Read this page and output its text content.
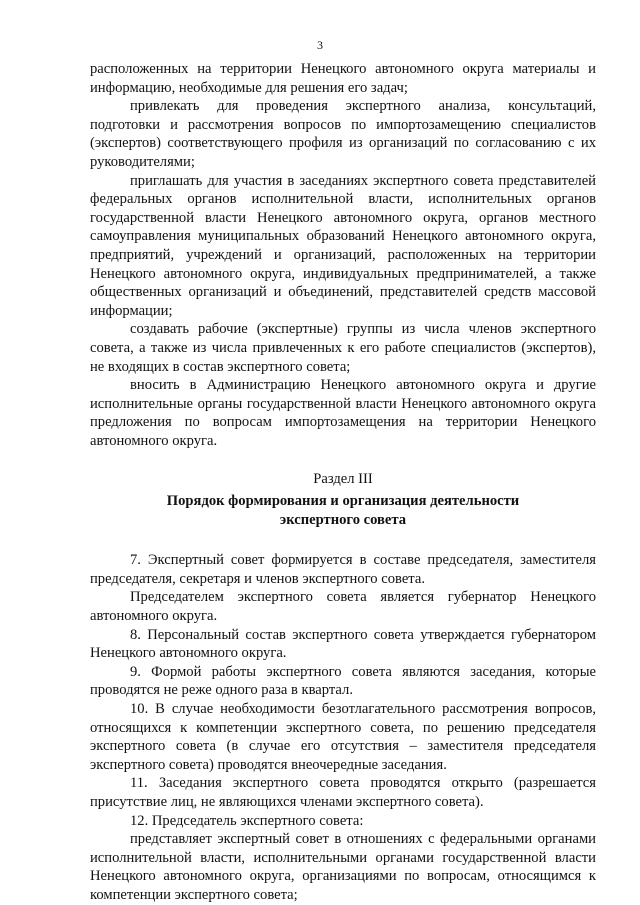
3

расположенных на территории Ненецкого автономного округа материалы и информацию, необходимые для решения его задач;

привлекать для проведения экспертного анализа, консультаций, подготовки и рассмотрения вопросов по импортозамещению специалистов (экспертов) соответствующего профиля из организаций по согласованию с их руководителями;

приглашать для участия в заседаниях экспертного совета представителей федеральных органов исполнительной власти, исполнительных органов государственной власти Ненецкого автономного округа, органов местного самоуправления муниципальных образований Ненецкого автономного округа, предприятий, учреждений и организаций, расположенных на территории Ненецкого автономного округа, индивидуальных предпринимателей, а также общественных организаций и объединений, представителей средств массовой информации;

создавать рабочие (экспертные) группы из числа членов экспертного совета, а также из числа привлеченных к его работе специалистов (экспертов), не входящих в состав экспертного совета;

вносить в Администрацию Ненецкого автономного округа и другие исполнительные органы государственной власти Ненецкого автономного округа предложения по вопросам импортозамещения на территории Ненецкого автономного округа.

Раздел III

Порядок формирования и организация деятельности
экспертного совета

7. Экспертный совет формируется в составе председателя, заместителя председателя, секретаря и членов экспертного совета.

Председателем экспертного совета является губернатор Ненецкого автономного округа.

8. Персональный состав экспертного совета утверждается губернатором Ненецкого автономного округа.

9. Формой работы экспертного совета являются заседания, которые проводятся не реже одного раза в квартал.

10. В случае необходимости безотлагательного рассмотрения вопросов, относящихся к компетенции экспертного совета, по решению председателя экспертного совета (в случае его отсутствия – заместителя председателя экспертного совета) проводятся внеочередные заседания.

11. Заседания экспертного совета проводятся открыто (разрешается присутствие лиц, не являющихся членами экспертного совета).

12. Председатель экспертного совета:

представляет экспертный совет в отношениях с федеральными органами исполнительной власти, исполнительными органами государственной власти Ненецкого автономного округа, организациями по вопросам, относящимся к компетенции экспертного совета;
